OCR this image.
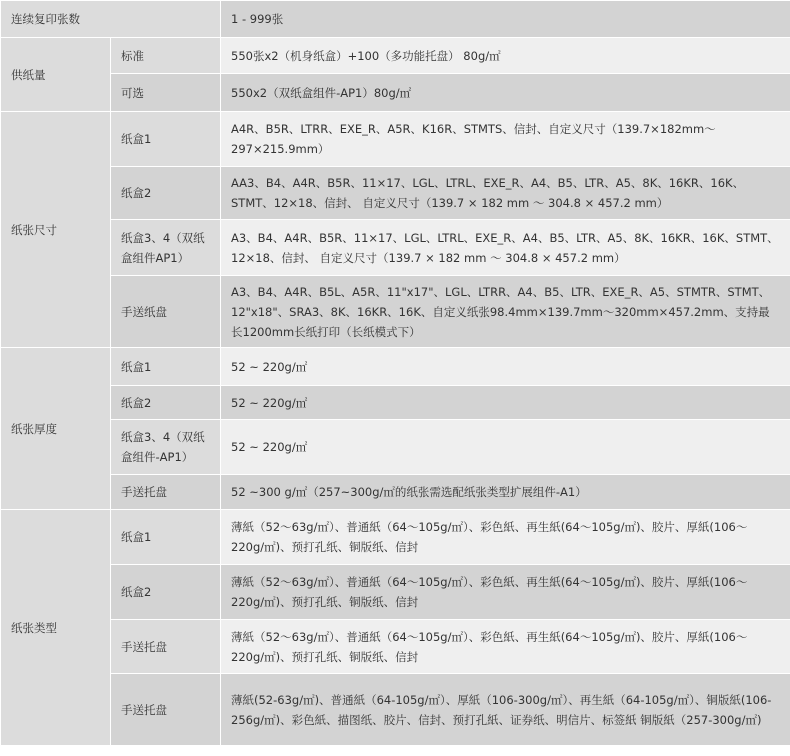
连续复印张数		1 - 999张
供纸量	标准	550张x2（机身纸盒）+100（多功能托盘） 80g/㎡
	可选	550x2（双纸盒组件-AP1）80g/㎡
纸张尺寸	纸盒1	A4R、B5R、LTRR、EXE_R、A5R、K16R、STMTS、信封、自定义尺寸（139.7×182mm～297×215.9mm）
	纸盒2	AA3、B4、A4R、B5R、11×17、LGL、LTRL、EXE_R、A4、B5、LTR、A5、8K、16KR、16K、STMT、12×18、信封、 自定义尺寸（139.7 × 182 mm ～ 304.8 × 457.2 mm）
	纸盒3、4（双纸盒组件AP1）	A3、B4、A4R、B5R、11×17、LGL、LTRL、EXE_R、A4、B5、LTR、A5、8K、16KR、16K、STMT、12×18、信封、 自定义尺寸（139.7 × 182 mm ～ 304.8 × 457.2 mm）
	手送纸盘	A3、B4、A4R、B5L、A5R、11"x17"、LGL、LTRR、A4、B5、LTR、EXE_R、A5、STMTR、STMT、12"x18"、SRA3、8K、16KR、16K、自定义纸张98.4mm×139.7mm～320mm×457.2mm、支持最长1200mm长纸打印（长纸模式下）
纸张厚度	纸盒1	52 ~ 220g/㎡
	纸盒2	52 ~ 220g/㎡
	纸盒3、4（双纸盒组件-AP1）	52 ~ 220g/㎡
	手送托盘	52 ~300 g/㎡（257~300g/㎡的纸张需选配纸张类型扩展组件-A1）
纸张类型	纸盒1	薄紙（52～63g/㎡）、普通紙（64～105g/㎡）、彩色紙、再生紙(64～105g/㎡)、胶片、厚紙(106～220g/㎡)、预打孔纸、铜版纸、信封
	纸盒2	薄紙（52～63g/㎡）、普通紙（64～105g/㎡）、彩色紙、再生紙(64～105g/㎡)、胶片、厚紙(106～220g/㎡)、预打孔纸、铜版纸、信封
	手送托盘	薄紙（52～63g/㎡）、普通紙（64～105g/㎡）、彩色紙、再生紙(64～105g/㎡)、胶片、厚紙(106～220g/㎡)、预打孔纸、铜版纸、信封
	手送托盘	薄紙(52-63g/㎡)、普通紙（64-105g/㎡）、厚紙（106-300g/㎡）、再生紙（64-105g/㎡）、铜版紙(106-256g/㎡)、彩色紙、描图纸、胶片、信封、预打孔紙、证券纸、明信片、标签紙 铜版紙（257-300g/㎡)
